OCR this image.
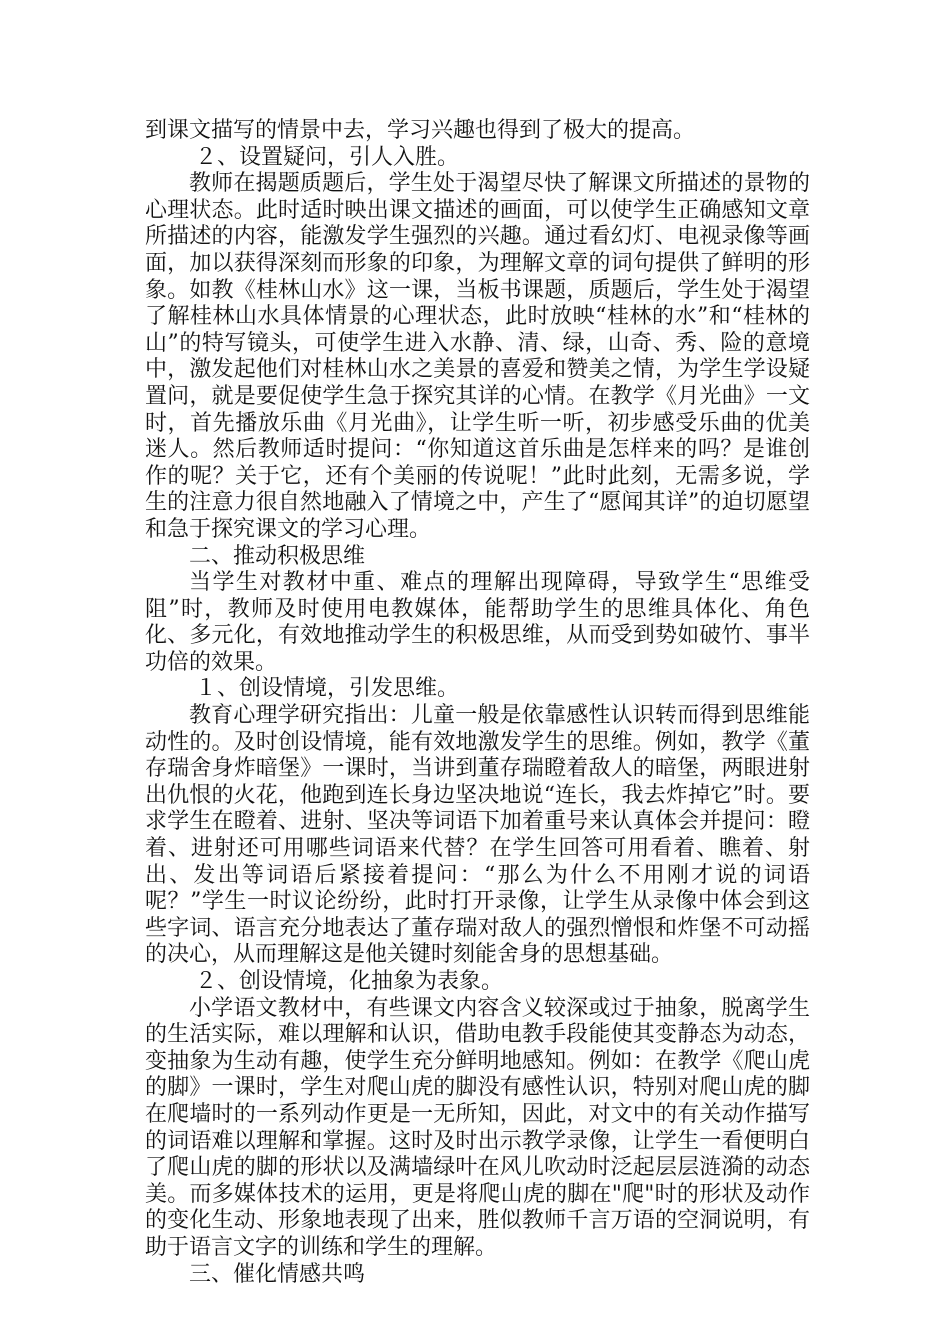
到课文描写的情景中去，学习兴趣也得到了极大的提高。

２、设置疑问，引人入胜。

教师在揭题质题后，学生处于渴望尽快了解课文所描述的景物的心理状态。此时适时映出课文描述的画面，可以使学生正确感知文章所描述的内容，能激发学生强烈的兴趣。通过看幻灯、电视录像等画面，加以获得深刻而形象的印象，为理解文章的词句提供了鲜明的形象。如教《桂林山水》这一课，当板书课题，质题后，学生处于渴望了解桂林山水具体情景的心理状态，此时放映“桂林的水”和“桂林的山”的特写镜头，可使学生进入水静、清、绿，山奇、秀、险的意境中，激发起他们对桂林山水之美景的喜爱和赞美之情，为学生学设疑置问，就是要促使学生急于探究其详的心情。在教学《月光曲》一文时，首先播放乐曲《月光曲》，让学生听一听，初步感受乐曲的优美迷人。然后教师适时提问：“你知道这首乐曲是怎样来的吗？是谁创作的呢？关于它，还有个美丽的传说呢！”此时此刻，无需多说，学生的注意力很自然地融入了情境之中，产生了“愿闻其详”的迫切愿望和急于探究课文的学习心理。

二、推动积极思维

当学生对教材中重、难点的理解出现障碍，导致学生“思维受阻”时，教师及时使用电教媒体，能帮助学生的思维具体化、角色化、多元化，有效地推动学生的积极思维，从而受到势如破竹、事半功倍的效果。

１、创设情境，引发思维。

教育心理学研究指出：儿童一般是依靠感性认识转而得到思维能动性的。及时创设情境，能有效地激发学生的思维。例如，教学《董存瑞舍身炸暗堡》一课时，当讲到董存瑞瞪着敌人的暗堡，两眼进射出仇恨的火花，他跑到连长身边坚决地说“连长，我去炸掉它”时。要求学生在瞪着、进射、坚决等词语下加着重号来认真体会并提问：瞪着、进射还可用哪些词语来代替？在学生回答可用看着、瞧着、射出、发出等词语后紧接着提问：“那么为什么不用刚才说的词语呢？”学生一时议论纷纷，此时打开录像，让学生从录像中体会到这些字词、语言充分地表达了董存瑞对敌人的强烈憎恨和炸堡不可动摇的决心，从而理解这是他关键时刻能舍身的思想基础。

２、创设情境，化抽象为表象。

小学语文教材中，有些课文内容含义较深或过于抽象，脱离学生的生活实际，难以理解和认识，借助电教手段能使其变静态为动态，变抽象为生动有趣，使学生充分鲜明地感知。例如：在教学《爬山虎的脚》一课时，学生对爬山虎的脚没有感性认识，特别对爬山虎的脚在爬墙时的一系列动作更是一无所知，因此，对文中的有关动作描写的词语难以理解和掌握。这时及时出示教学录像，让学生一看便明白了爬山虎的脚的形状以及满墙绿叶在风儿吹动时泛起层层涟漪的动态美。而多媒体技术的运用，更是将爬山虎的脚在"爬"时的形状及动作的变化生动、形象地表现了出来，胜似教师千言万语的空洞说明，有助于语言文字的训练和学生的理解。

三、催化情感共鸣
